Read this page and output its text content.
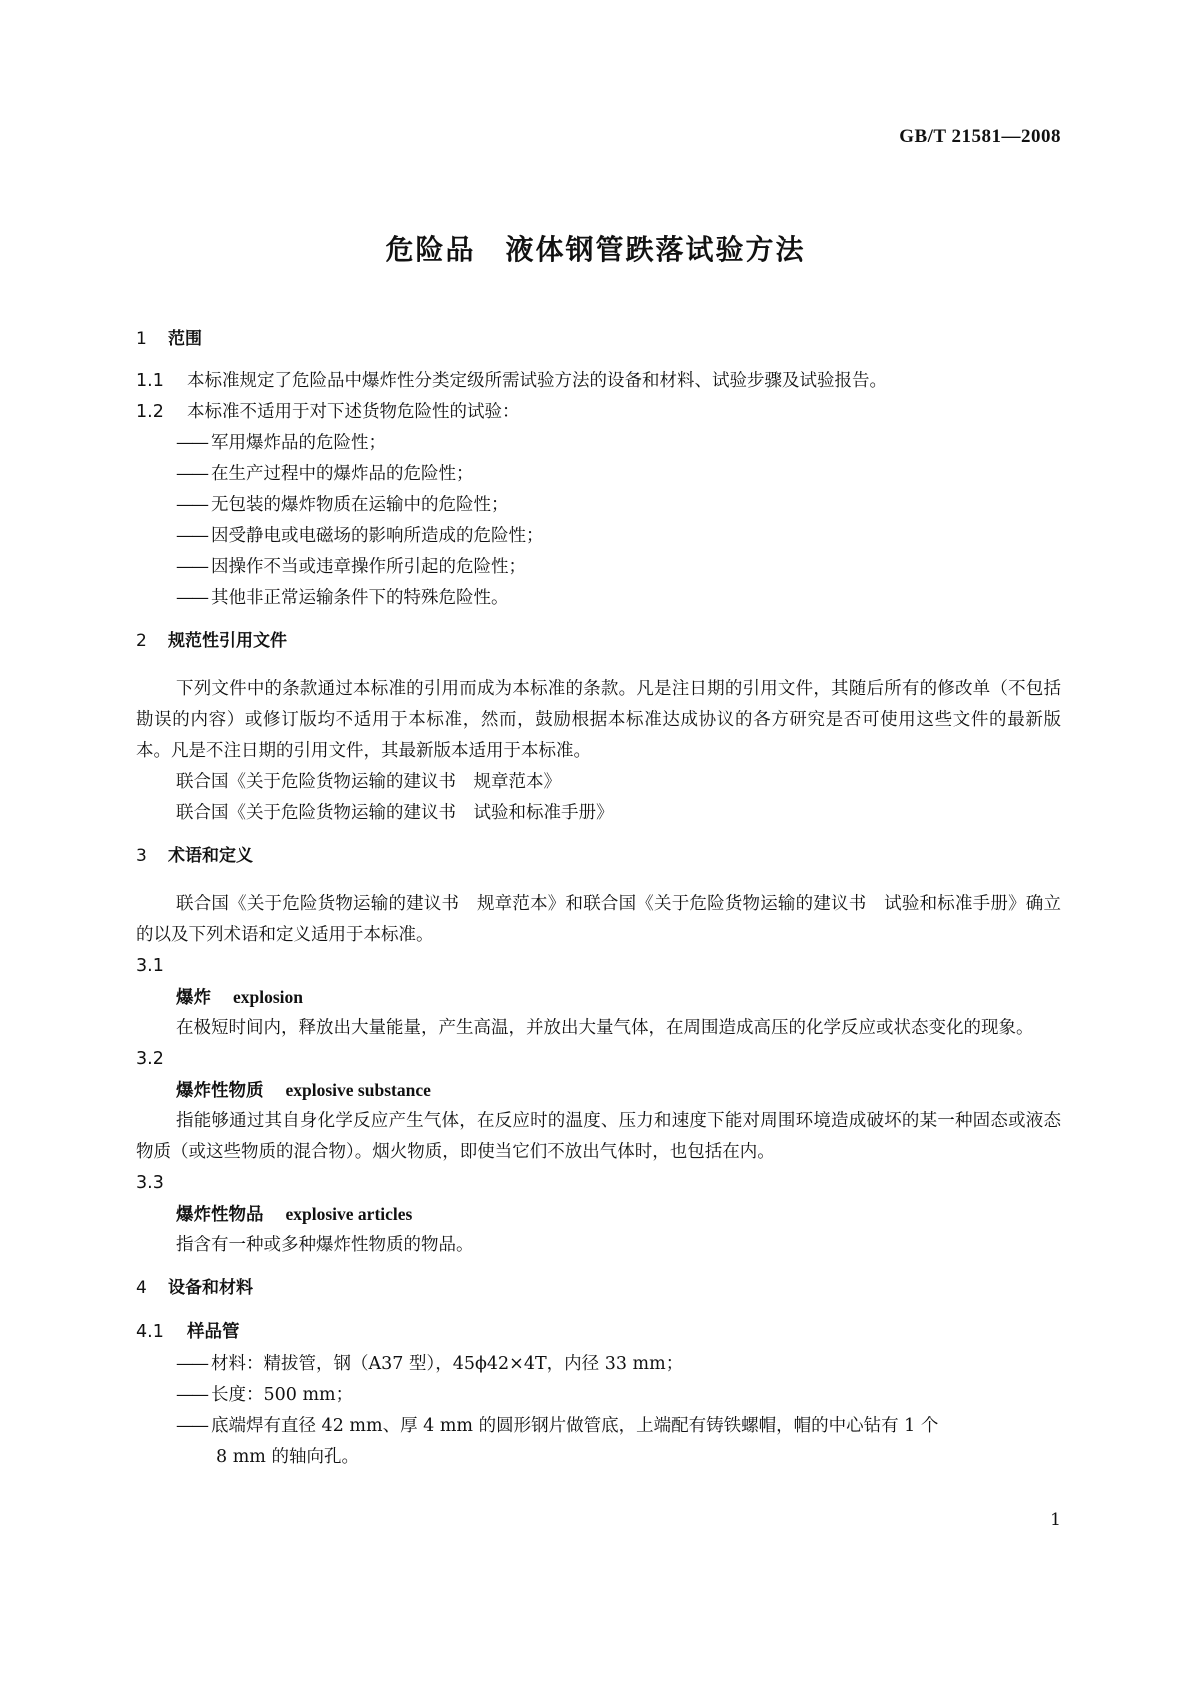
GB/T 21581—2008
危险品 液体钢管跌落试验方法
1 范围
1.1 本标准规定了危险品中爆炸性分类定级所需试验方法的设备和材料、试验步骤及试验报告。
1.2 本标准不适用于对下述货物危险性的试验：
—— 军用爆炸品的危险性；
—— 在生产过程中的爆炸品的危险性；
—— 无包装的爆炸物质在运输中的危险性；
—— 因受静电或电磁场的影响所造成的危险性；
—— 因操作不当或违章操作所引起的危险性；
—— 其他非正常运输条件下的特殊危险性。
2 规范性引用文件

下列文件中的条款通过本标准的引用而成为本标准的条款。凡是注日期的引用文件，其随后所有的修改单（不包括勘误的内容）或修订版均不适用于本标准，然而，鼓励根据本标准达成协议的各方研究是否可使用这些文件的最新版本。凡是不注日期的引用文件，其最新版本适用于本标准。

联合国《关于危险货物运输的建议书　规章范本》
联合国《关于危险货物运输的建议书　试验和标准手册》
3 术语和定义

联合国《关于危险货物运输的建议书　规章范本》和联合国《关于危险货物运输的建议书　试验和标准手册》确立的以及下列术语和定义适用于本标准。

3.1
爆炸 explosion

在极短时间内，释放出大量能量，产生高温，并放出大量气体，在周围造成高压的化学反应或状态变化的现象。

3.2
爆炸性物质 explosive substance

指能够通过其自身化学反应产生气体，在反应时的温度、压力和速度下能对周围环境造成破坏的某一种固态或液态物质（或这些物质的混合物）。烟火物质，即使当它们不放出气体时，也包括在内。

3.3
爆炸性物品 explosive articles

指含有一种或多种爆炸性物质的物品。

4 设备和材料
4.1 样品管
—— 材料：精拔管，钢（A37 型），45ϕ42×4T，内径 33 mm；
—— 长度：500 mm；
—— 底端焊有直径 42 mm、厚 4 mm 的圆形钢片做管底，上端配有铸铁螺帽，帽的中心钻有 1 个
8 mm 的轴向孔。
1
